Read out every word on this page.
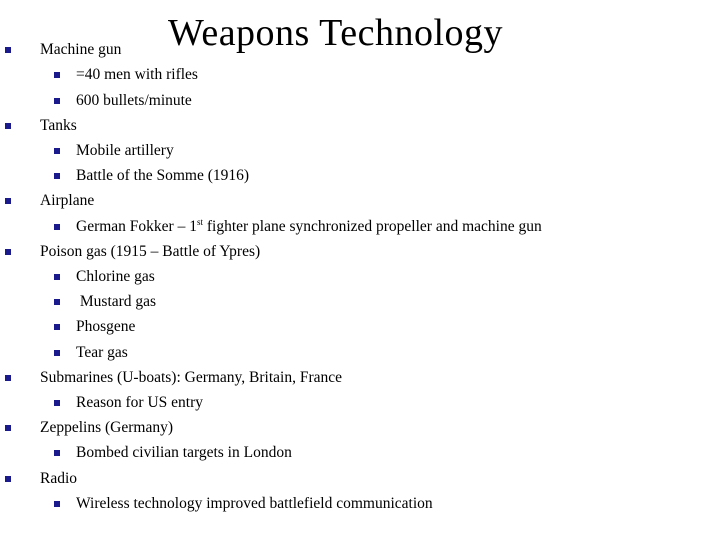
Weapons Technology
Machine gun
=40 men with rifles
600 bullets/minute
Tanks
Mobile artillery
Battle of the Somme (1916)
Airplane
German Fokker – 1st fighter plane synchronized propeller and machine gun
Poison gas (1915 – Battle of Ypres)
Chlorine gas
Mustard gas
Phosgene
Tear gas
Submarines (U-boats): Germany, Britain, France
Reason for US entry
Zeppelins (Germany)
Bombed civilian targets in London
Radio
Wireless technology improved battlefield communication
